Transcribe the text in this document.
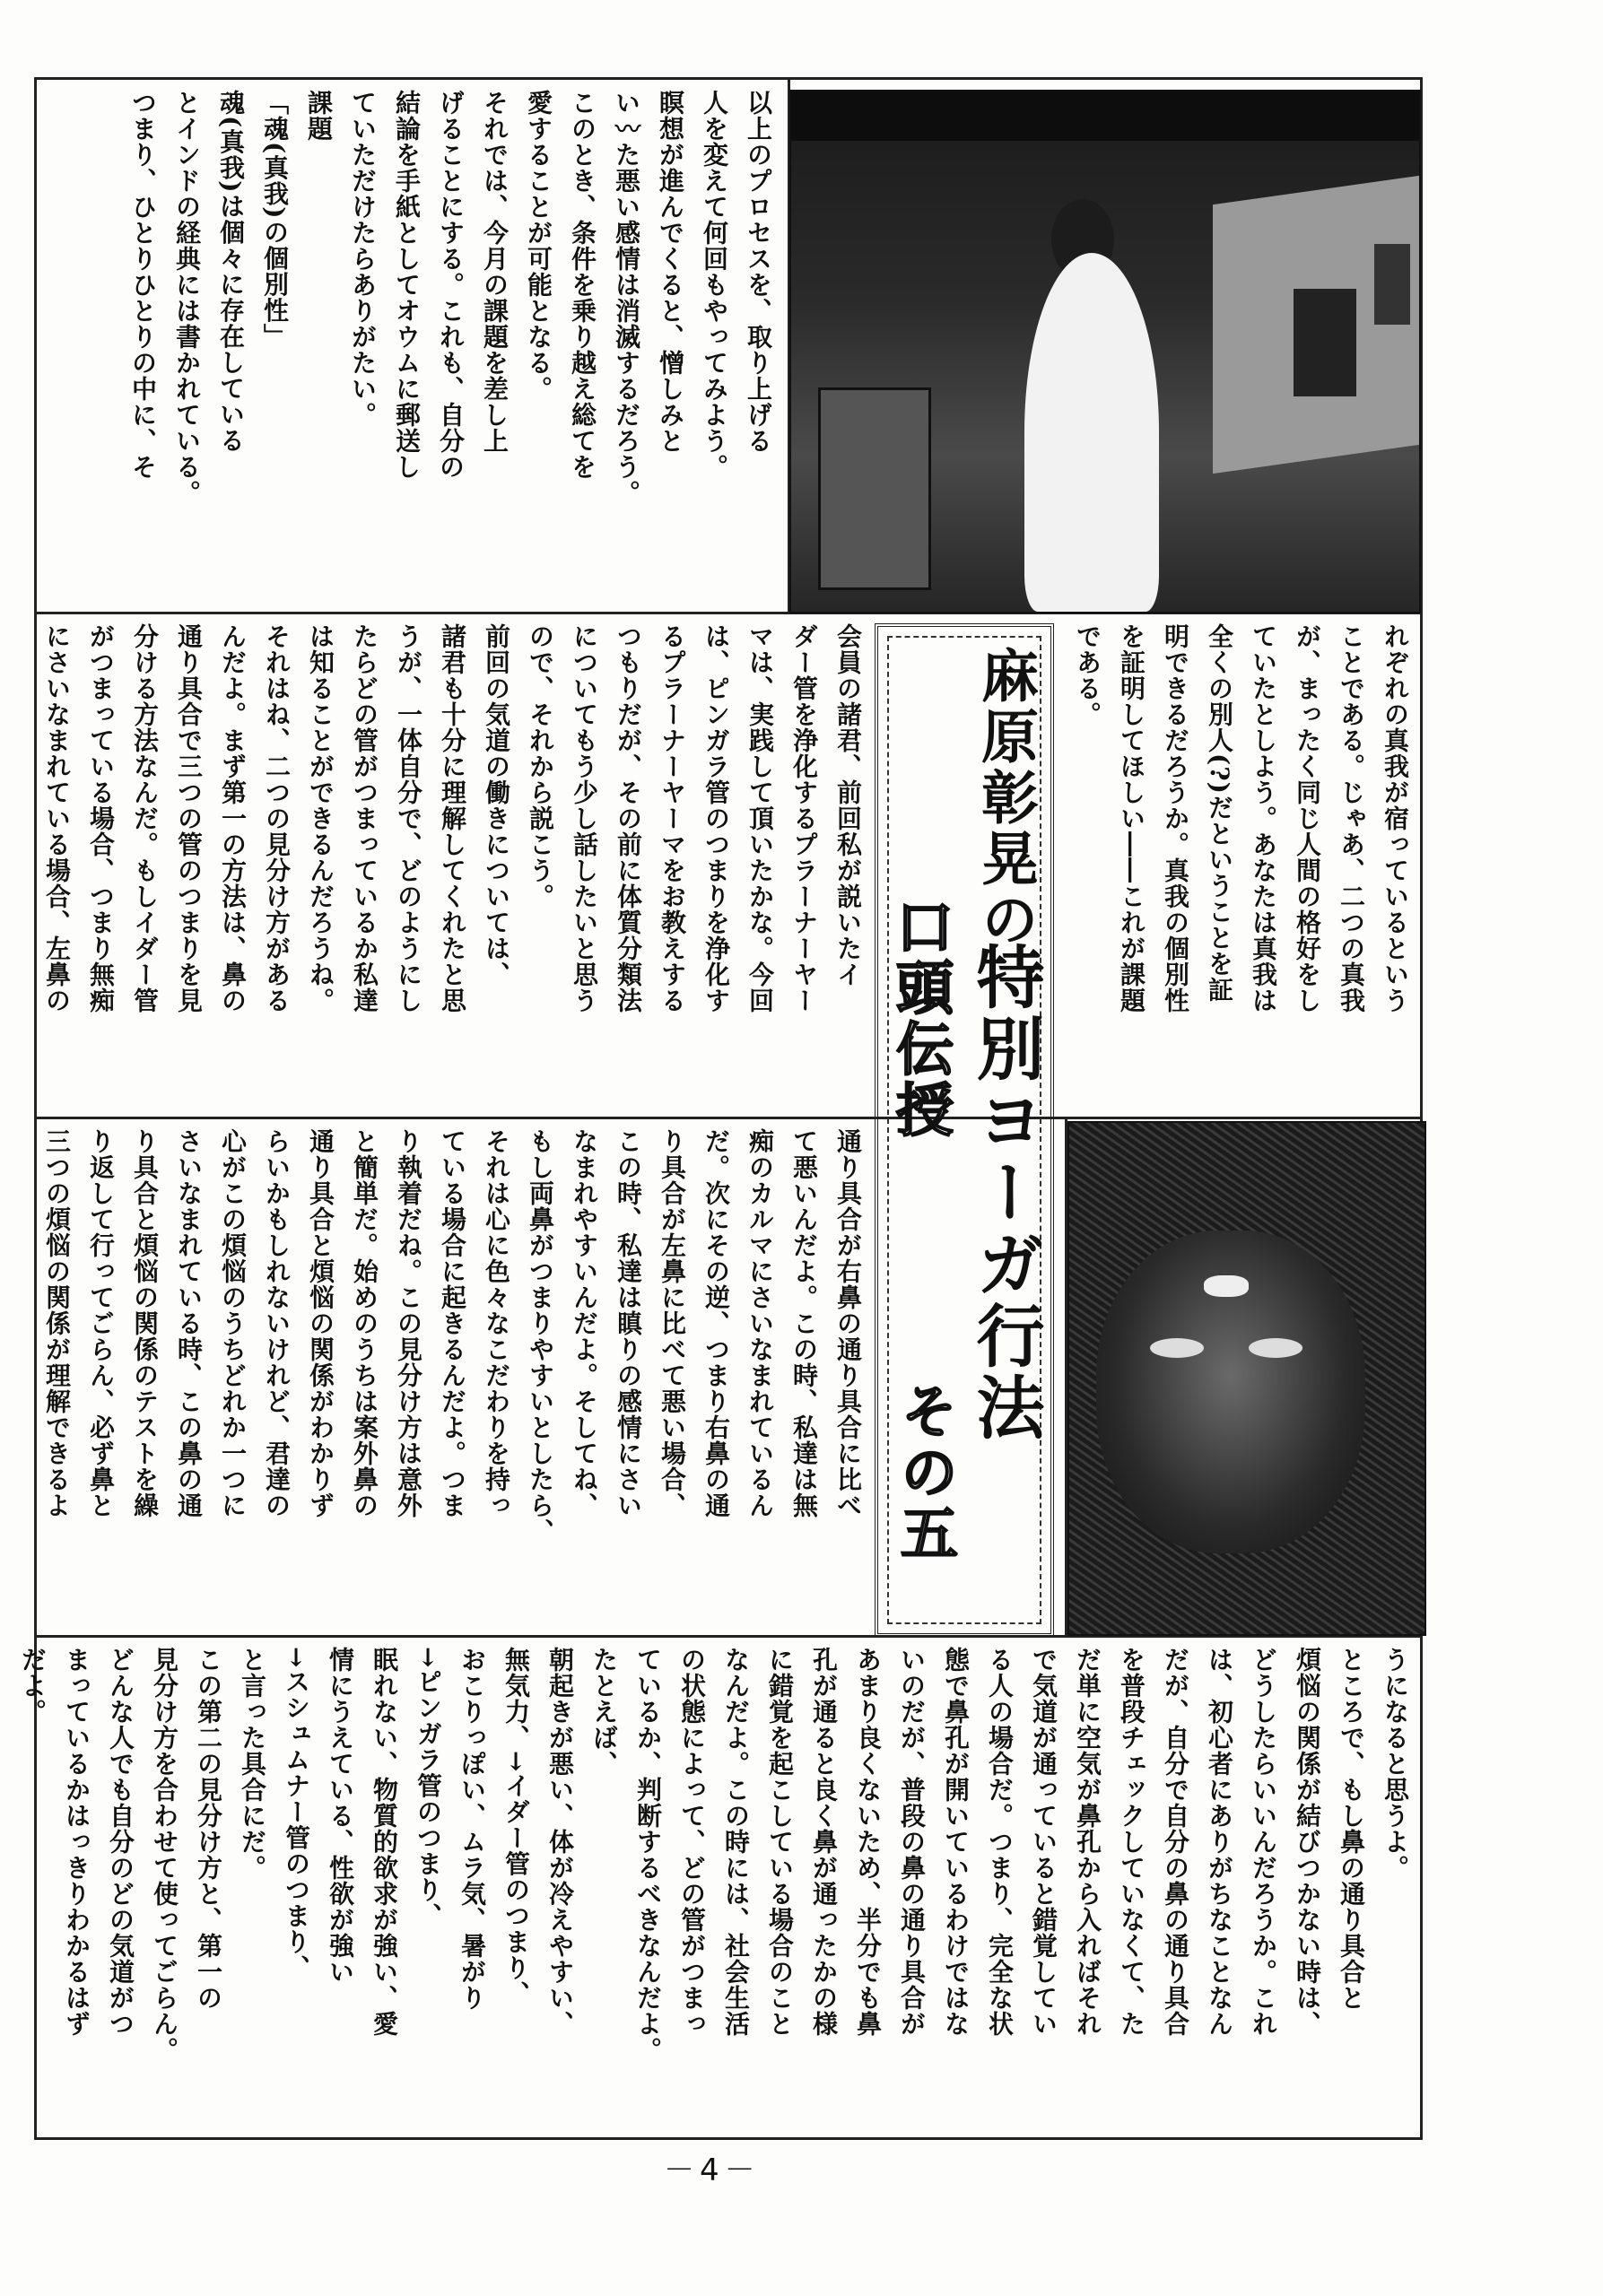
麻原彰晃の
特別ヨーガ行法
口頭伝授
その五

以上のプロセスを、取り上げる

人を変えて何回もやってみよう。

瞑想が進んでくると、憎しみと

い〰た悪い感情は消滅するだろう。

このとき、条件を乗り越え総てを

愛することが可能となる。

それでは、今月の課題を差し上

げることにする。これも、自分の

結論を手紙としてオウムに郵送し

ていただけたらありがたい。

課題

「魂(真我)の個別性」

魂(真我)は個々に存在している

とインドの経典には書かれている。

つまり、ひとりひとりの中に、そ

れぞれの真我が宿っているという

ことである。じゃあ、二つの真我

が、まったく同じ人間の格好をし

ていたとしよう。あなたは真我は

全くの別人(?)だということを証

明できるだろうか。真我の個別性

を証明してほしい――これが課題

である。

会員の諸君、前回私が説いたイ

ダー管を浄化するプラーナーヤー

マは、実践して頂いたかな。今回

は、ピンガラ管のつまりを浄化す

るプラーナーヤーマをお教えする

つもりだが、その前に体質分類法

についてもう少し話したいと思う

ので、それから説こう。

前回の気道の働きについては、

諸君も十分に理解してくれたと思

うが、一体自分で、どのようにし

たらどの管がつまっているか私達

は知ることができるんだろうね。

それはね、二つの見分け方がある

んだよ。まず第一の方法は、鼻の

通り具合で三つの管のつまりを見

分ける方法なんだ。もしイダー管

がつまっている場合、つまり無痴

にさいなまれている場合、左鼻の

通り具合が右鼻の通り具合に比べ

て悪いんだよ。この時、私達は無

痴のカルマにさいなまれているん

だ。次にその逆、つまり右鼻の通

り具合が左鼻に比べて悪い場合、

この時、私達は瞋りの感情にさい

なまれやすいんだよ。そしてね、

もし両鼻がつまりやすいとしたら、

それは心に色々なこだわりを持っ

ている場合に起きるんだよ。つま

り執着だね。この見分け方は意外

と簡単だ。始めのうちは案外鼻の

通り具合と煩悩の関係がわかりず

らいかもしれないけれど、君達の

心がこの煩悩のうちどれか一つに

さいなまれている時、この鼻の通

り具合と煩悩の関係のテストを繰

り返して行ってごらん、必ず鼻と

三つの煩悩の関係が理解できるよ

うになると思うよ。

ところで、もし鼻の通り具合と

煩悩の関係が結びつかない時は、

どうしたらいいんだろうか。これ

は、初心者にありがちなことなん

だが、自分で自分の鼻の通り具合

を普段チェックしていなくて、た

だ単に空気が鼻孔から入ればそれ

で気道が通っていると錯覚してい

る人の場合だ。つまり、完全な状

態で鼻孔が開いているわけではな

いのだが、普段の鼻の通り具合が

あまり良くないため、半分でも鼻

孔が通ると良く鼻が通ったかの様

に錯覚を起こしている場合のこと

なんだよ。この時には、社会生活

の状態によって、どの管がつまっ

ているか、判断するべきなんだよ。

たとえば、

朝起きが悪い、体が冷えやすい、

無気力、→イダー管のつまり、

おこりっぽい、ムラ気、暑がり

→ピンガラ管のつまり、

眠れない、物質的欲求が強い、愛

情にうえている、性欲が強い

→スシュムナー管のつまり、

と言った具合にだ。

この第二の見分け方と、第一の

見分け方を合わせて使ってごらん。

どんな人でも自分のどの気道がつ

まっているかはっきりわかるはず

だよ。

－4－
